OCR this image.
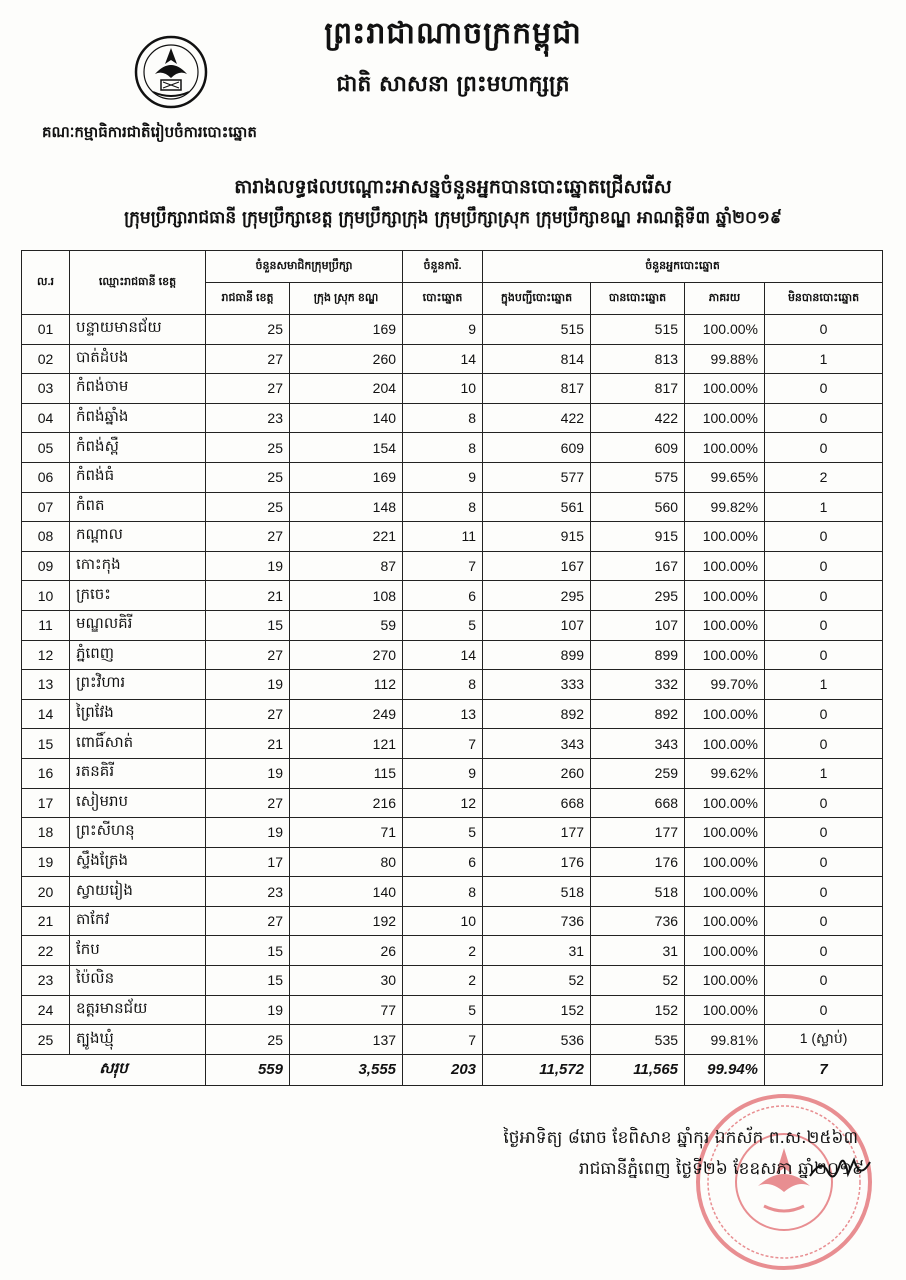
ព្រះរាជាណាចក្រកម្ពុជា
ជាតិ សាសនា ព្រះមហាក្សត្រ
គណៈកម្មាធិការជាតិរៀបចំការបោះឆ្នោត
តារាងលទ្ធផលបណ្ដោះអាសន្នចំនួនអ្នកបានបោះឆ្នោតជ្រើសរើស
ក្រុមប្រឹក្សារាជធានី ក្រុមប្រឹក្សាខេត្ត ក្រុមប្រឹក្សាក្រុង ក្រុមប្រឹក្សាស្រុក ក្រុមប្រឹក្សាខណ្ឌ អាណត្តិទី៣ ឆ្នាំ២០១៩
ល.រ	ឈ្មោះរាជធានី ខេត្ត	ចំនួនសមាជិកក្រុមប្រឹក្សា		ចំនួនការិ.	ចំនួនអ្នកបោះឆ្នោត			
		រាជធានី ខេត្ត	ក្រុង ស្រុក ខណ្ឌ	បោះឆ្នោត	ក្នុងបញ្ជីបោះឆ្នោត	បានបោះឆ្នោត	ភាគរយ	មិនបានបោះឆ្នោត
01	បន្ទាយមានជ័យ	25	169	9	515	515	100.00%	0
02	បាត់ដំបង	27	260	14	814	813	99.88%	1
03	កំពង់ចាម	27	204	10	817	817	100.00%	0
04	កំពង់ឆ្នាំង	23	140	8	422	422	100.00%	0
05	កំពង់ស្ពឺ	25	154	8	609	609	100.00%	0
06	កំពង់ធំ	25	169	9	577	575	99.65%	2
07	កំពត	25	148	8	561	560	99.82%	1
08	កណ្ដាល	27	221	11	915	915	100.00%	0
09	កោះកុង	19	87	7	167	167	100.00%	0
10	ក្រចេះ	21	108	6	295	295	100.00%	0
11	មណ្ឌលគិរី	15	59	5	107	107	100.00%	0
12	ភ្នំពេញ	27	270	14	899	899	100.00%	0
13	ព្រះវិហារ	19	112	8	333	332	99.70%	1
14	ព្រៃវែង	27	249	13	892	892	100.00%	0
15	ពោធិ៍សាត់	21	121	7	343	343	100.00%	0
16	រតនគិរី	19	115	9	260	259	99.62%	1
17	សៀមរាប	27	216	12	668	668	100.00%	0
18	ព្រះសីហនុ	19	71	5	177	177	100.00%	0
19	ស្ទឹងត្រែង	17	80	6	176	176	100.00%	0
20	ស្វាយរៀង	23	140	8	518	518	100.00%	0
21	តាកែវ	27	192	10	736	736	100.00%	0
22	កែប	15	26	2	31	31	100.00%	0
23	ប៉ៃលិន	15	30	2	52	52	100.00%	0
24	ឧត្ដរមានជ័យ	19	77	5	152	152	100.00%	0
25	ត្បូងឃ្មុំ	25	137	7	536	535	99.81%	1 (ស្លាប់)
សរុប		559	3,555	203	11,572	11,565	99.94%	7
ថ្ងៃអាទិត្យ ៨រោច ខែពិសាខ ឆ្នាំកុរ ឯកស័ក ព.ស.២៥៦៣
រាជធានីភ្នំពេញ ថ្ងៃទី២៦ ខែឧសភា ឆ្នាំ២០១៩
